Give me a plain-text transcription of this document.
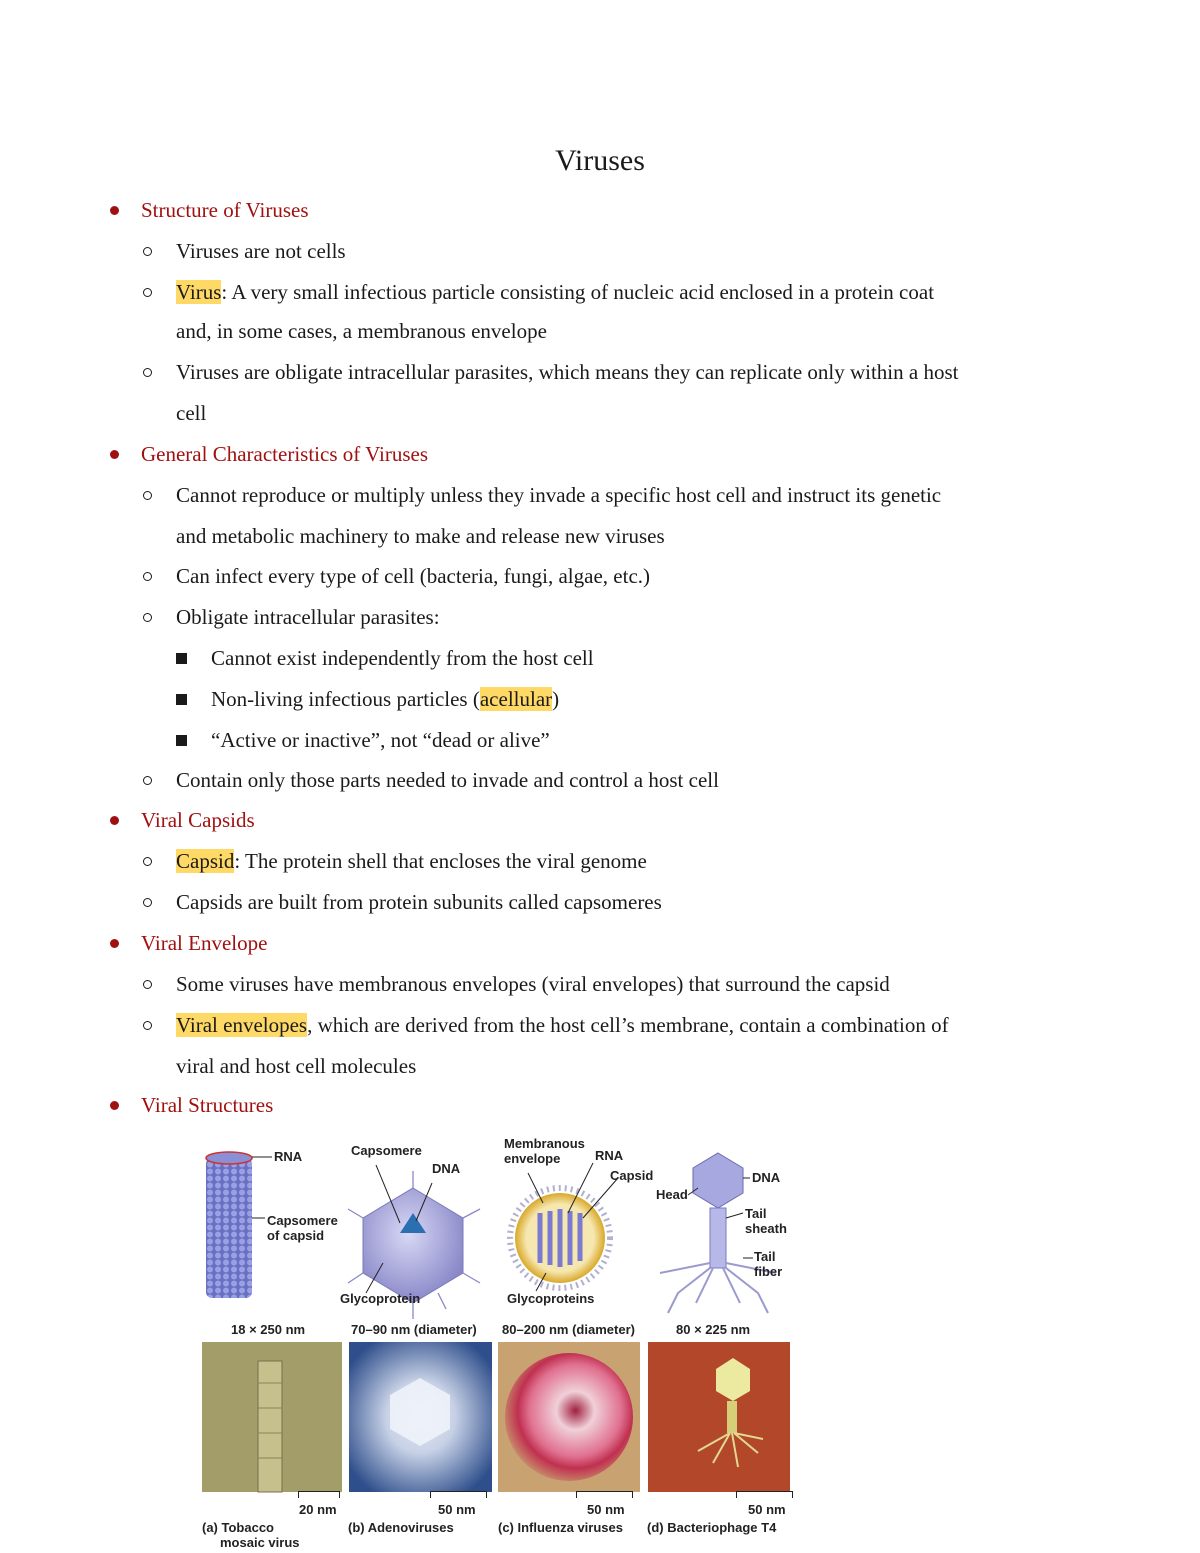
Viruses
Structure of Viruses
Viruses are not cells
Virus: A very small infectious particle consisting of nucleic acid enclosed in a protein coat
and, in some cases, a membranous envelope
Viruses are obligate intracellular parasites, which means they can replicate only within a host
cell
General Characteristics of Viruses
Cannot reproduce or multiply unless they invade a specific host cell and instruct its genetic
and metabolic machinery to make and release new viruses
Can infect every type of cell (bacteria, fungi, algae, etc.)
Obligate intracellular parasites:
Cannot exist independently from the host cell
Non-living infectious particles (acellular)
“Active or inactive”, not “dead or alive”
Contain only those parts needed to invade and control a host cell
Viral Capsids
Capsid: The protein shell that encloses the viral genome
Capsids are built from protein subunits called capsomeres
Viral Envelope
Some viruses have membranous envelopes (viral envelopes) that surround the capsid
Viral envelopes, which are derived from the host cell’s membrane, contain a combination of
viral and host cell molecules
Viral Structures
RNA
Capsomere
of capsid
18 × 250 nm
20 nm
(a) Tobacco
mosaic virus
Capsomere
DNA
Glycoprotein
70–90 nm (diameter)
50 nm
(b) Adenoviruses
Membranous
envelope	RNA
Capsid
Glycoproteins
80–200 nm (diameter)
50 nm
(c) Influenza viruses
Head
DNA
Tail
sheath
Tail
fiber
80 × 225 nm
50 nm
(d) Bacteriophage T4
